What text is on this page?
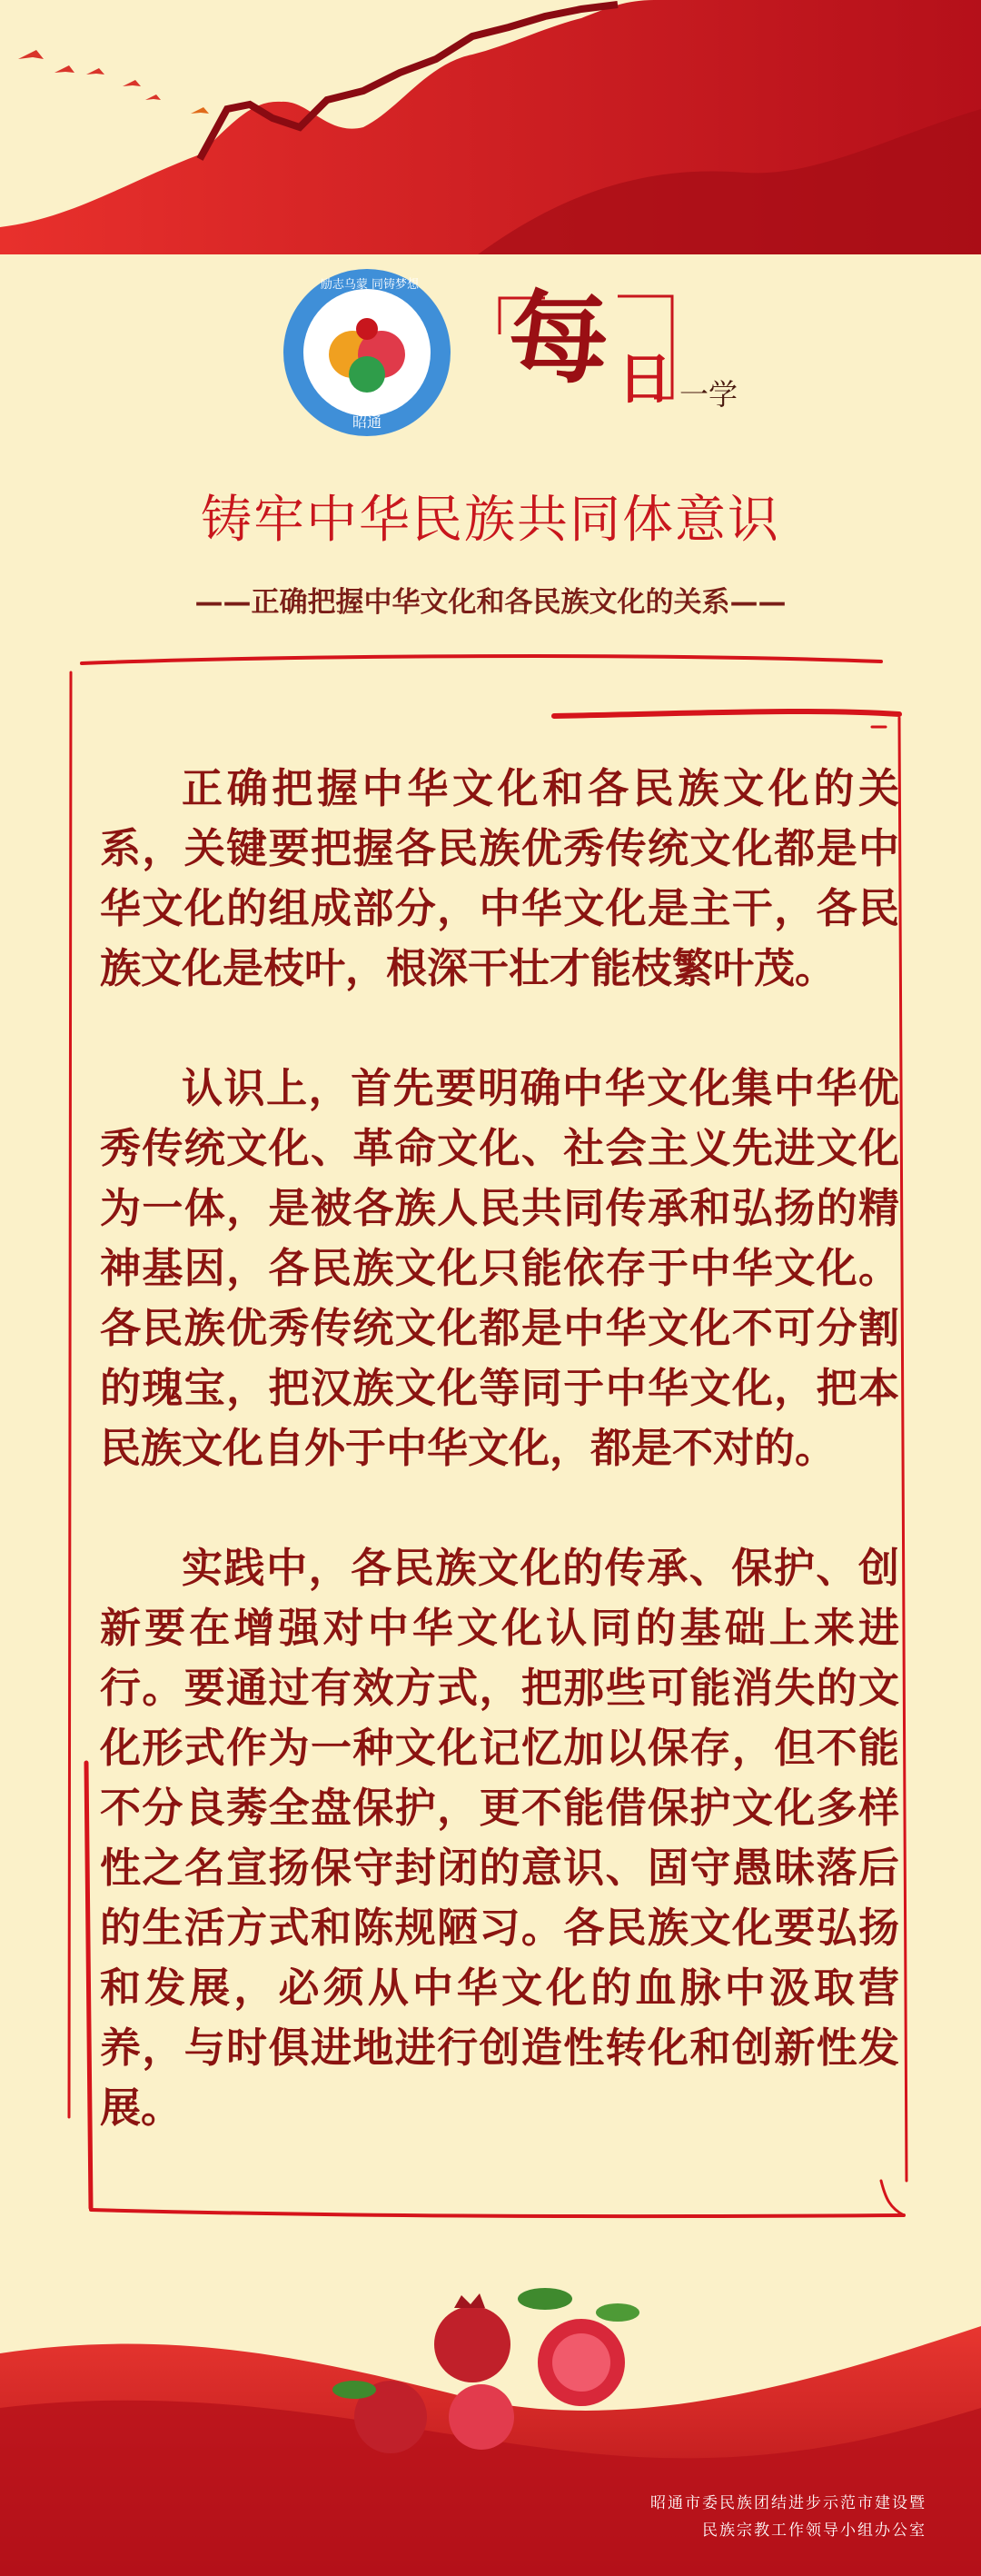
励志乌蒙 同铸梦想
昭通
每 日 一学
铸牢中华民族共同体意识
——正确把握中华文化和各民族文化的关系——

正确把握中华文化和各民族文化的关系，关键要把握各民族优秀传统文化都是中华文化的组成部分，中华文化是主干，各民族文化是枝叶，根深干壮才能枝繁叶茂。

认识上，首先要明确中华文化集中华优秀传统文化、革命文化、社会主义先进文化为一体，是被各族人民共同传承和弘扬的精神基因，各民族文化只能依存于中华文化。各民族优秀传统文化都是中华文化不可分割的瑰宝，把汉族文化等同于中华文化，把本民族文化自外于中华文化，都是不对的。

实践中，各民族文化的传承、保护、创新要在增强对中华文化认同的基础上来进行。要通过有效方式，把那些可能消失的文化形式作为一种文化记忆加以保存，但不能不分良莠全盘保护，更不能借保护文化多样性之名宣扬保守封闭的意识、固守愚昧落后的生活方式和陈规陋习。各民族文化要弘扬和发展，必须从中华文化的血脉中汲取营养，与时俱进地进行创造性转化和创新性发展。

昭通市委民族团结进步示范市建设暨
民族宗教工作领导小组办公室
